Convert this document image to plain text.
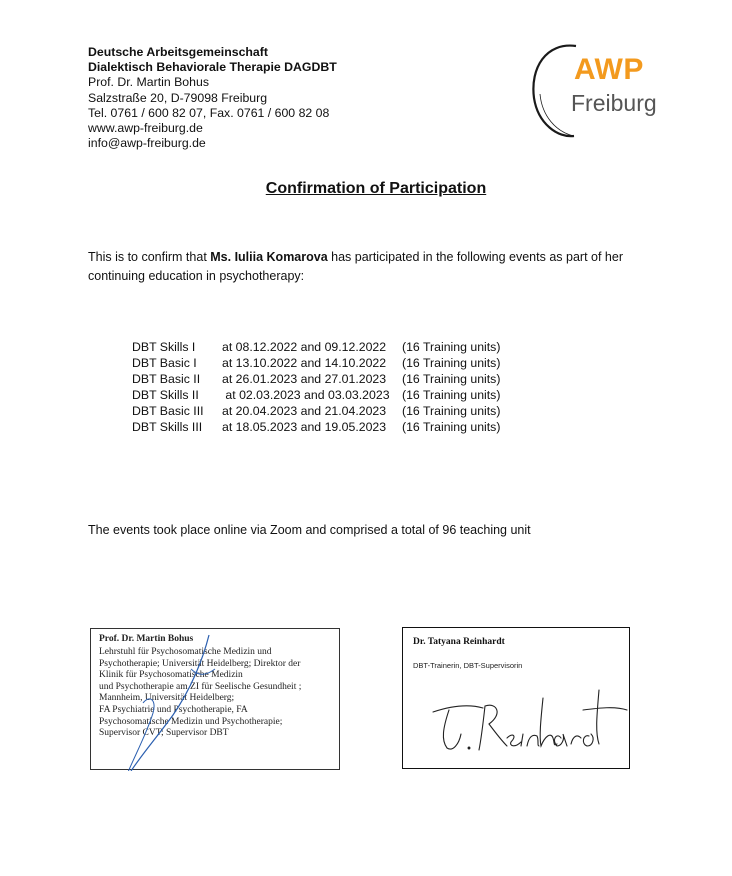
Deutsche Arbeitsgemeinschaft
Dialektisch Behaviorale Therapie DAGDBT
Prof. Dr. Martin Bohus
Salzstraße 20, D-79098 Freiburg
Tel. 0761 / 600 82 07, Fax. 0761 / 600 82 08
www.awp-freiburg.de
info@awp-freiburg.de
AWP
Freiburg
Confirmation of Participation
This is to confirm that Ms. Iuliia Komarova has participated in the following events as part of her continuing education in psychotherapy:
DBT Skills I at 08.12.2022 and 09.12.2022 (16 Training units)
DBT Basic I at 13.10.2022 and 14.10.2022 (16 Training units)
DBT Basic II at 26.01.2023 and 27.01.2023 (16 Training units)
DBT Skills II at 02.03.2023 and 03.03.2023 (16 Training units)
DBT Basic III at 20.04.2023 and 21.04.2023 (16 Training units)
DBT Skills III at 18.05.2023 and 19.05.2023 (16 Training units)
The events took place online via Zoom and comprised a total of 96 teaching unit
Prof. Dr. Martin Bohus
Lehrstuhl für Psychosomatische Medizin und
Psychotherapie; Universität Heidelberg; Direktor der
Klinik für Psychosomatische Medizin
und Psychotherapie am ZI für Seelische Gesundheit ;
Mannheim, Universität Heidelberg;
FA Psychiatrie und Psychotherapie, FA
Psychosomatische Medizin und Psychotherapie;
Supervisor CVT; Supervisor DBT
Dr. Tatyana Reinhardt
DBT-Trainerin, DBT-Supervisorin
